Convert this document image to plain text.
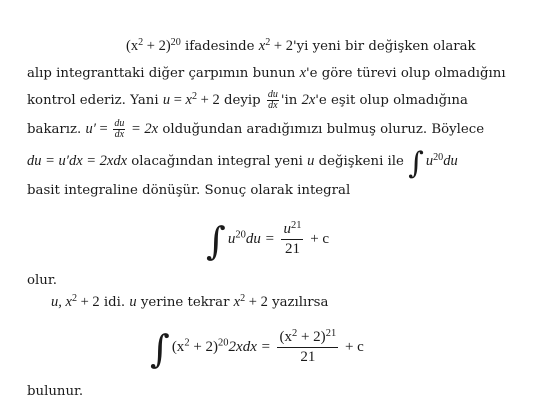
$(x^2 + 2)^{20}$ ifadesinde $x^2 + 2'yi$ yeni bir değişken olarak
alıp integranttaki diğer çarpımın bunun x'e göre türevi olup olmadığını
kontrol ederiz. Yani $u = x^2 + 2$ deyip $\frac{du}{dx}$ 'in 2x'e eşit olup olmadığına
bakarız. $u' = \frac{du}{dx} = 2x$ olduğundan aradığımızı bulmuş oluruz. Böylece
du = u′dx = 2xdx olacağından integral yeni u değişkeni ile ∫ $u^{20}du$
basit integraline dönüşür. Sonuç olarak integral
∫ $u^{20}du = \frac{u^{21}}{21} + c$
olur.
u, $x^2 + 2$ idi. u yerine tekrar $x^2 + 2$ yazılırsa
∫ $(x^2 + 2)^{20}2xdx = \frac{(x^2 + 2)^{21}}{21} + c$
bulunur.
